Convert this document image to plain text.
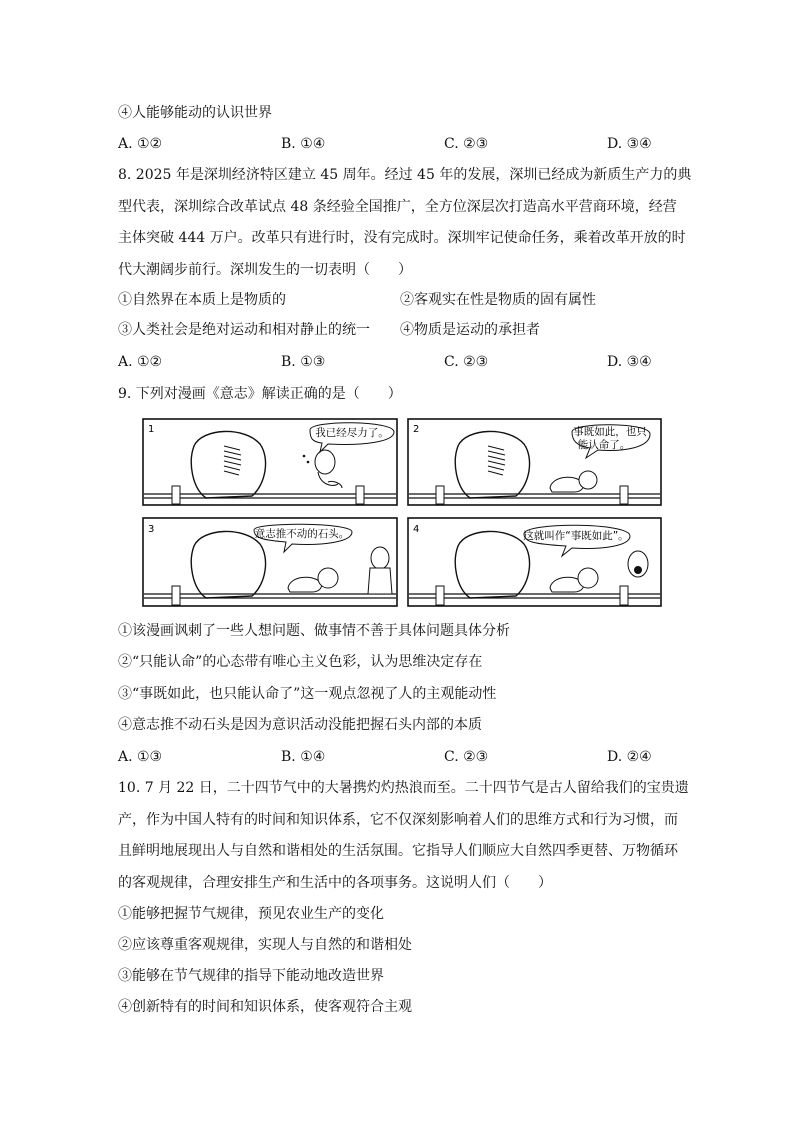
④人能够能动的认识世界
A. ①②	B. ①④	C. ②③	D. ③④
8. 2025 年是深圳经济特区建立 45 周年。经过 45 年的发展，深圳已经成为新质生产力的典
型代表，深圳综合改革试点 48 条经验全国推广，全方位深层次打造高水平营商环境，经营
主体突破 444 万户。改革只有进行时，没有完成时。深圳牢记使命任务，乘着改革开放的时
代大潮阔步前行。深圳发生的一切表明（　　）
①自然界在本质上是物质的	②客观实在性是物质的固有属性
③人类社会是绝对运动和相对静止的统一 ④物质是运动的承担者
A. ①②	B. ①③	C. ②③	D. ③④
9. 下列对漫画《意志》解读正确的是（　　）
1	我已经尽力了。 2	事既如此，也只
能认命了。
3	意志推不动的石头。	4
这就叫作“事既如此”。
①该漫画讽刺了一些人想问题、做事情不善于具体问题具体分析
②“只能认命”的心态带有唯心主义色彩，认为思维决定存在
③“事既如此，也只能认命了”这一观点忽视了人的主观能动性
④意志推不动石头是因为意识活动没能把握石头内部的本质
A. ①③	B. ①④	C. ②③	D. ②④
10. 7 月 22 日，二十四节气中的大暑携灼灼热浪而至。二十四节气是古人留给我们的宝贵遗
产，作为中国人特有的时间和知识体系，它不仅深刻影响着人们的思维方式和行为习惯，而
且鲜明地展现出人与自然和谐相处的生活氛围。它指导人们顺应大自然四季更替、万物循环
的客观规律，合理安排生产和生活中的各项事务。这说明人们（　　）
①能够把握节气规律，预见农业生产的变化
②应该尊重客观规律，实现人与自然的和谐相处
③能够在节气规律的指导下能动地改造世界
④创新特有的时间和知识体系，使客观符合主观
